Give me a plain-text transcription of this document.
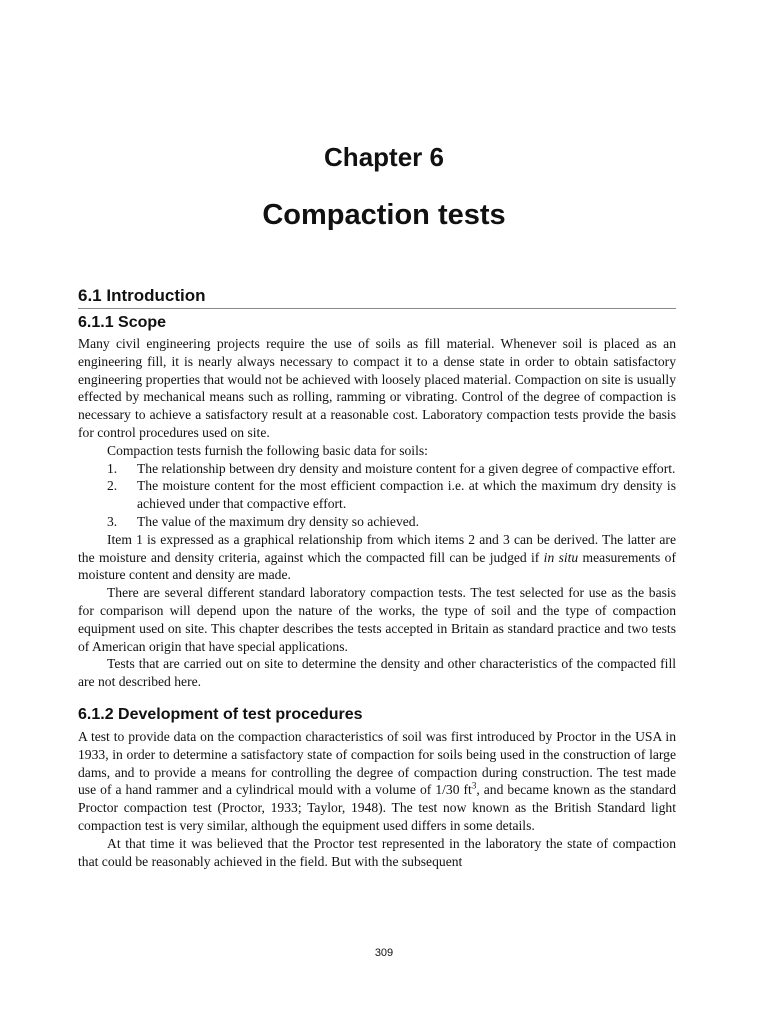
Chapter 6
Compaction tests
6.1 Introduction
6.1.1 Scope

Many civil engineering projects require the use of soils as fill material. Whenever soil is placed as an engineering fill, it is nearly always necessary to compact it to a dense state in order to obtain satisfactory engineering properties that would not be achieved with loosely placed material. Compaction on site is usually effected by mechanical means such as rolling, ramming or vibrating. Control of the degree of compaction is necessary to achieve a satisfactory result at a reasonable cost. Laboratory compaction tests provide the basis for control procedures used on site.

Compaction tests furnish the following basic data for soils:

1. The relationship between dry density and moisture content for a given degree of compactive effort.
2. The moisture content for the most efficient compaction i.e. at which the maximum dry density is achieved under that compactive effort.
3. The value of the maximum dry density so achieved.

Item 1 is expressed as a graphical relationship from which items 2 and 3 can be derived. The latter are the moisture and density criteria, against which the compacted fill can be judged if in situ measurements of moisture content and density are made.

There are several different standard laboratory compaction tests. The test selected for use as the basis for comparison will depend upon the nature of the works, the type of soil and the type of compaction equipment used on site. This chapter describes the tests accepted in Britain as standard practice and two tests of American origin that have special applications.

Tests that are carried out on site to determine the density and other characteristics of the compacted fill are not described here.

6.1.2 Development of test procedures

A test to provide data on the compaction characteristics of soil was first introduced by Proctor in the USA in 1933, in order to determine a satisfactory state of compaction for soils being used in the construction of large dams, and to provide a means for controlling the degree of compaction during construction. The test made use of a hand rammer and a cylindrical mould with a volume of 1/30 $ft^3$, and became known as the standard Proctor compaction test (Proctor, 1933; Taylor, 1948). The test now known as the British Standard light compaction test is very similar, although the equipment used differs in some details.

At that time it was believed that the Proctor test represented in the laboratory the state of compaction that could be reasonably achieved in the field. But with the subsequent

309
